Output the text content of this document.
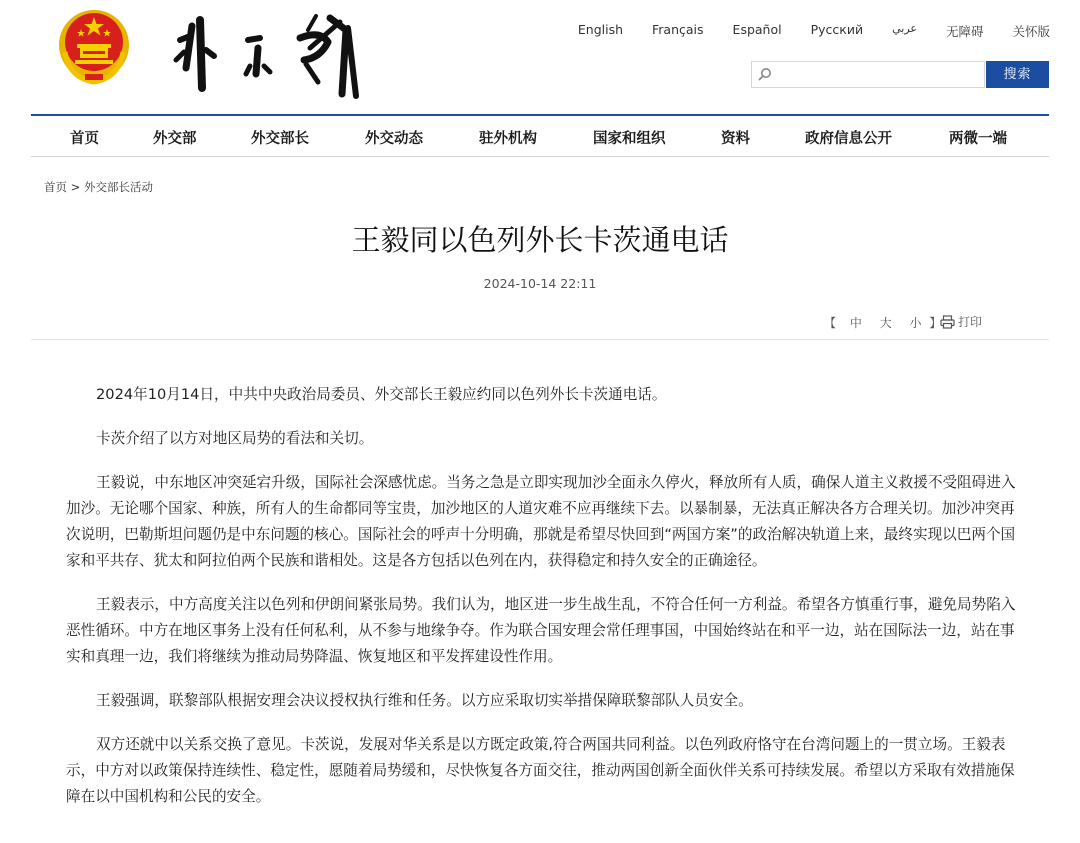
English Français Español Русский	عربي 无障碍 关怀版
搜索
首页	外交部	外交部长	外交动态	驻外机构	国家和组织	资料	政府信息公开	两微一端
首页 > 外交部长活动
王毅同以色列外长卡茨通电话
2024-10-14 22:11
【 中 大 小 】	打印

2024年10月14日，中共中央政治局委员、外交部长王毅应约同以色列外长卡茨通电话。

卡茨介绍了以方对地区局势的看法和关切。

王毅说，中东地区冲突延宕升级，国际社会深感忧虑。当务之急是立即实现加沙全面永久停火，释放所有人质，确保人道主义救援不受阻碍进入加沙。无论哪个国家、种族，所有人的生命都同等宝贵，加沙地区的人道灾难不应再继续下去。以暴制暴，无法真正解决各方合理关切。加沙冲突再次说明，巴勒斯坦问题仍是中东问题的核心。国际社会的呼声十分明确，那就是希望尽快回到“两国方案”的政治解决轨道上来，最终实现以巴两个国家和平共存、犹太和阿拉伯两个民族和谐相处。这是各方包括以色列在内，获得稳定和持久安全的正确途径。

王毅表示，中方高度关注以色列和伊朗间紧张局势。我们认为，地区进一步生战生乱，不符合任何一方利益。希望各方慎重行事，避免局势陷入恶性循环。中方在地区事务上没有任何私利，从不参与地缘争夺。作为联合国安理会常任理事国，中国始终站在和平一边，站在国际法一边，站在事实和真理一边，我们将继续为推动局势降温、恢复地区和平发挥建设性作用。

王毅强调，联黎部队根据安理会决议授权执行维和任务。以方应采取切实举措保障联黎部队人员安全。

双方还就中以关系交换了意见。卡茨说，发展对华关系是以方既定政策,符合两国共同利益。以色列政府恪守在台湾问题上的一贯立场。王毅表示，中方对以政策保持连续性、稳定性，愿随着局势缓和，尽快恢复各方面交往，推动两国创新全面伙伴关系可持续发展。希望以方采取有效措施保障在以中国机构和公民的安全。
